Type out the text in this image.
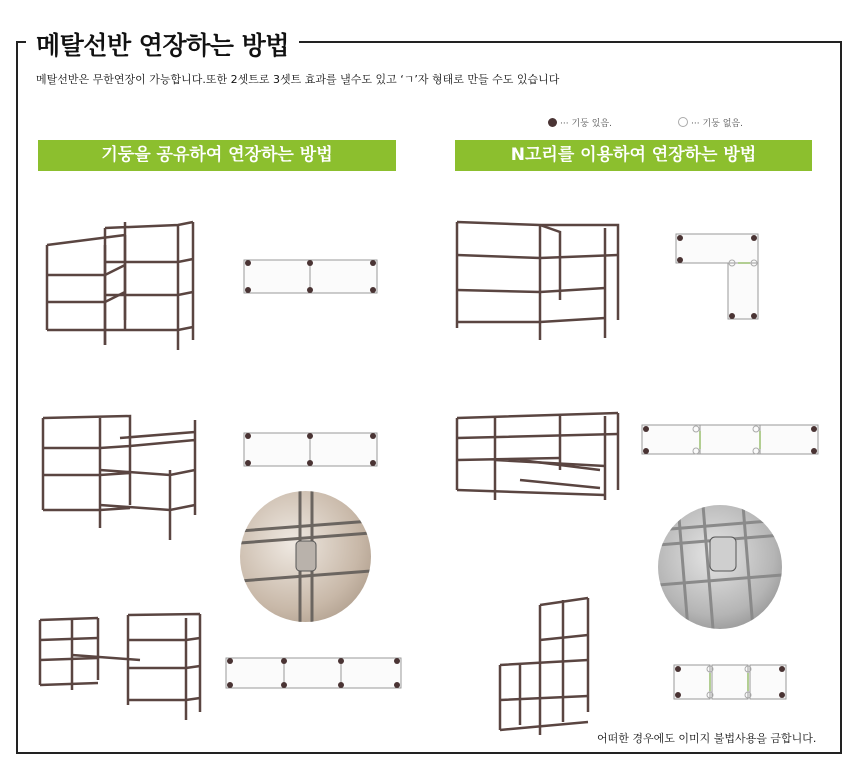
메탈선반 연장하는 방법
메탈선반은 무한연장이 가능합니다.또한 2셋트로 3셋트 효과를 낼수도 있고 ‘ㄱ’자 형태로 만들 수도 있습니다
··· 기둥 있음.	··· 기둥 없음.
기둥을 공유하여 연장하는 방법	N고리를 이용하여 연장하는 방법
어떠한 경우에도 이미지 불법사용을 금합니다.
